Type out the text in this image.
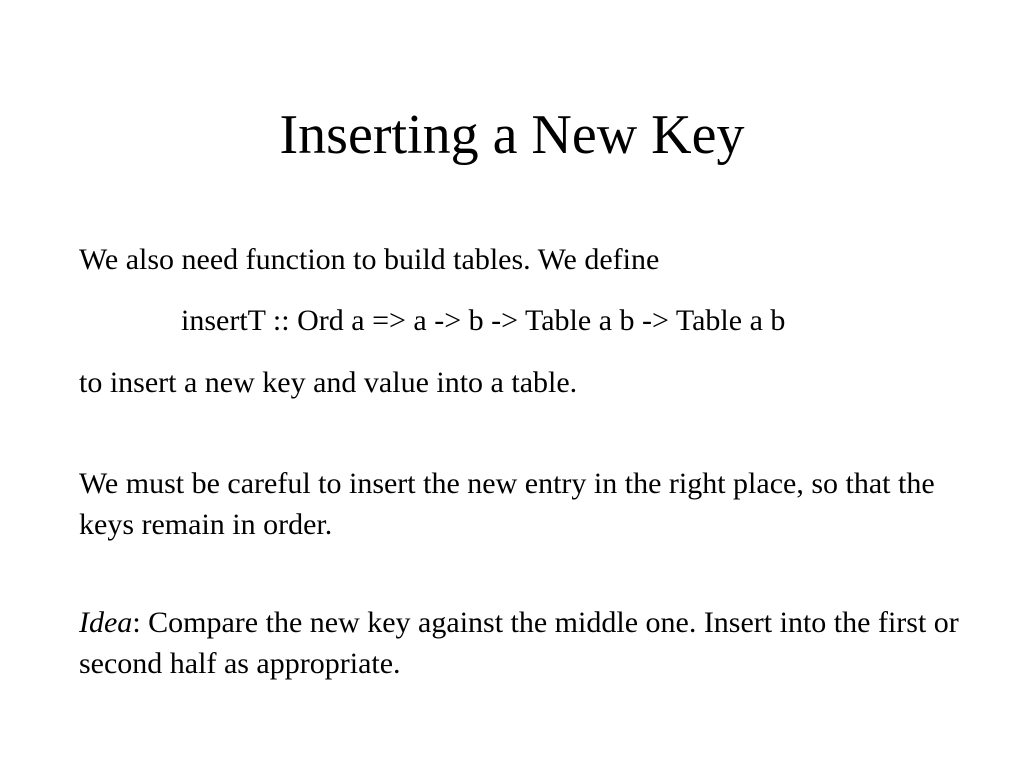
Inserting a New Key

We also need function to build tables. We define

insertT :: Ord a => a -> b -> Table a b -> Table a b

to insert a new key and value into a table.

We must be careful to insert the new entry in the right place, so that the keys remain in order.

Idea: Compare the new key against the middle one. Insert into the first or second half as appropriate.
